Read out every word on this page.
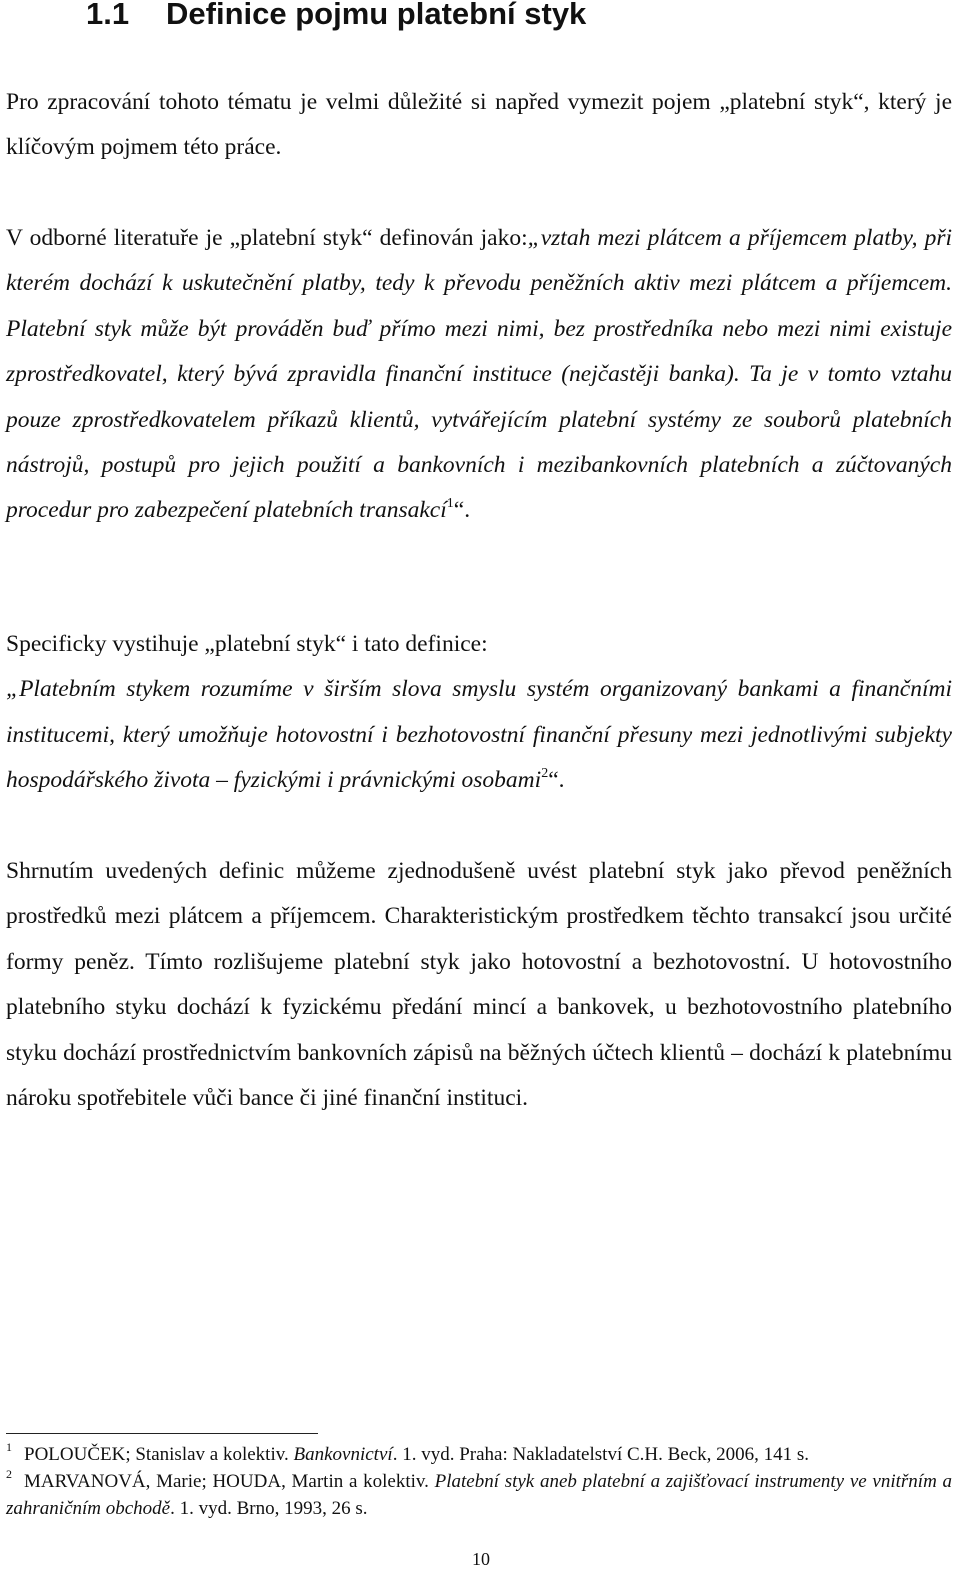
1.1 Definice pojmu platební styk

Pro zpracování tohoto tématu je velmi důležité si napřed vymezit pojem „platební styk“, který je klíčovým pojmem této práce.

V odborné literatuře je „platební styk“ definován jako:„vztah mezi plátcem a příjemcem platby, při kterém dochází k uskutečnění platby, tedy k převodu peněžních aktiv mezi plátcem a příjemcem. Platební styk může být prováděn buď přímo mezi nimi, bez prostředníka nebo mezi nimi existuje zprostředkovatel, který bývá zpravidla finanční instituce (nejčastěji banka). Ta je v tomto vztahu pouze zprostředkovatelem příkazů klientů, vytvářejícím platební systémy ze souborů platebních nástrojů, postupů pro jejich použití a bankovních i mezibankovních platebních a zúčtovaných procedur pro zabezpečení platebních transakcí$^1$“.

Specificky vystihuje „platební styk“ i tato definice:
„Platebním stykem rozumíme v širším slova smyslu systém organizovaný bankami a finančními institucemi, který umožňuje hotovostní i bezhotovostní finanční přesuny mezi jednotlivými subjekty hospodářského života – fyzickými i právnickými osobami$^2$“.

Shrnutím uvedených definic můžeme zjednodušeně uvést platební styk jako převod peněžních prostředků mezi plátcem a příjemcem. Charakteristickým prostředkem těchto transakcí jsou určité formy peněz. Tímto rozlišujeme platební styk jako hotovostní a bezhotovostní. U hotovostního platebního styku dochází k fyzickému předání mincí a bankovek, u bezhotovostního platebního styku dochází prostřednictvím bankovních zápisů na běžných účtech klientů – dochází k platebnímu nároku spotřebitele vůči bance či jiné finanční instituci.

$^1$ POLOUČEK; Stanislav a kolektiv. Bankovnictví. 1. vyd. Praha: Nakladatelství C.H. Beck, 2006, 141 s.

$^2$ MARVANOVÁ, Marie; HOUDA, Martin a kolektiv. Platební styk aneb platební a zajišťovací instrumenty ve vnitřním a zahraničním obchodě. 1. vyd. Brno, 1993, 26 s.

10
